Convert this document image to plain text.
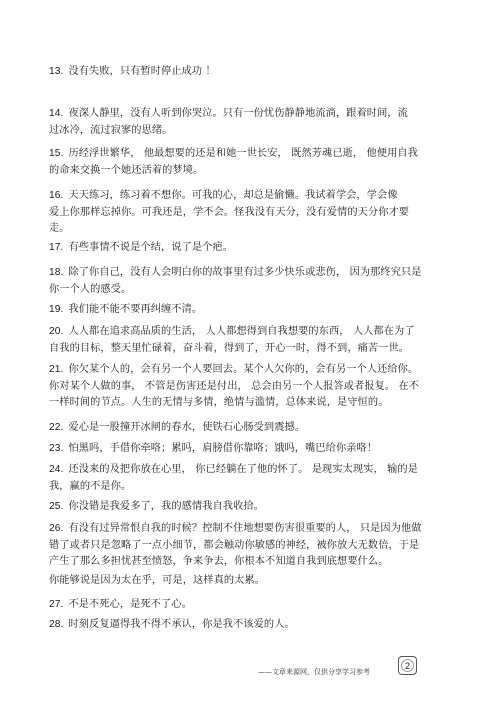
13. 没有失败，只有暂时停止成功 ！
14. 夜深人静里，没有人听到你哭泣。只有一份忧伤静静地流淌，跟着时间，流
过冰冷，流过寂寥的思绪。
15. 历经浮世繁华， 他最想要的还是和她一世长安， 既然芳魂已逝， 他便用自我
的命来交换一个她还活着的梦境。
16. 天天练习，练习着不想你。可我的心，却总是偷懒。我试着学会，学会像
爱上你那样忘掉你。可我还是，学不会。怪我没有天分，没有爱情的天分你才要
走。
17. 有些事情不说是个结，说了是个疤。
18. 除了你自己，没有人会明白你的故事里有过多少快乐或悲伤， 因为那终究只是
你一个人的感受。
19. 我们能不能不要再纠缠不清。
20. 人人都在追求高品质的生活， 人人都想得到自我想要的东西， 人人都在为了
自我的目标，整天里忙碌着，奋斗着，得到了，开心一时，得不到，痛苦一世。
21. 你欠某个人的，会有另一个人要回去。某个人欠你的，会有另一个人还给你。
你对某个人做的事， 不管是伤害还是付出， 总会由另一个人报答或者报复。 在不
一样时间的节点。人生的无情与多情，绝情与滥情，总体来说，是守恒的。
22. 爱心是一股撞开冰闸的春水，使铁石心肠受到震撼。
23. 怕黑吗，手借你牵咯；累吗，肩膀借你靠咯；饿吗，嘴巴给你亲咯！
24. 还没来的及把你放在心里， 你已经躺在了他的怀了。 是现实太现实， 输的是
我，赢的不是你。
25. 你没错是我爱多了，我的感情我自我收拾。
26. 有没有过异常恨自我的时候？控制不住地想要伤害很重要的人， 只是因为他做
错了或者只是忽略了一点小细节，都会触动你敏感的神经，被你放大无数倍，于是
产生了那么多担忧甚至愤怒，争来争去，你根本不知道自我到底想要什么。
你能够说是因为太在乎，可是，这样真的太累。
27. 不是不死心，是死不了心。
28. 时刻反复逼得我不得不承认，你是我不该爱的人。
——文章来源网，仅供分享学习参考
2
